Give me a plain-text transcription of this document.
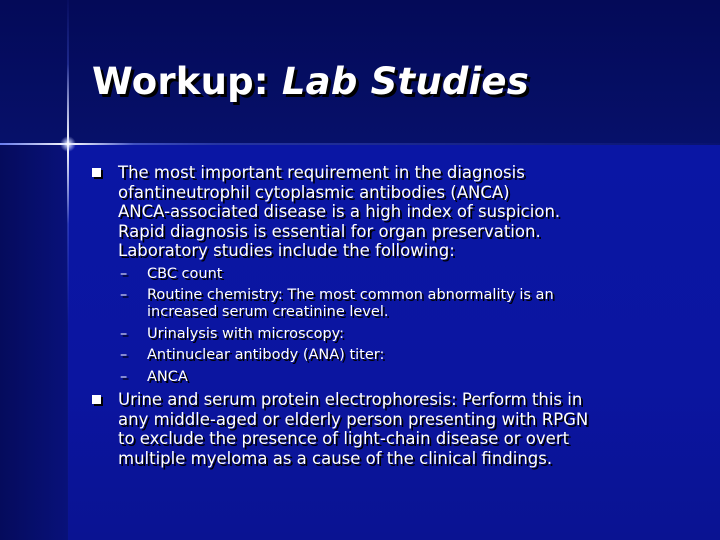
Workup: Lab Studies
The most important requirement in the diagnosis
ofantineutrophil cytoplasmic antibodies (ANCA)
ANCA-associated disease is a high index of suspicion.
Rapid diagnosis is essential for organ preservation.
Laboratory studies include the following:
– CBC count
– Routine chemistry: The most common abnormality is an
increased serum creatinine level.
– Urinalysis with microscopy:
– Antinuclear antibody (ANA) titer:
– ANCA
Urine and serum protein electrophoresis: Perform this in
any middle-aged or elderly person presenting with RPGN
to exclude the presence of light-chain disease or overt
multiple myeloma as a cause of the clinical findings.
